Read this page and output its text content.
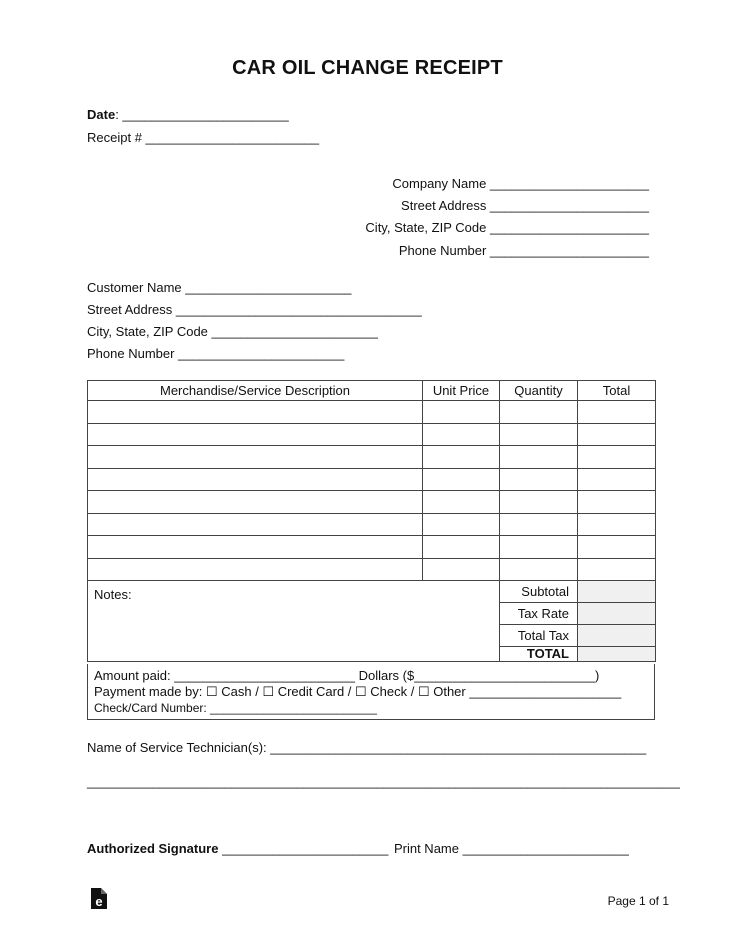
CAR OIL CHANGE RECEIPT
Date: _______________________
Receipt # ________________________
Company Name ______________________
Street Address ______________________
City, State, ZIP Code ______________________
Phone Number ______________________
Customer Name _______________________
Street Address __________________________________
City, State, ZIP Code _______________________
Phone Number _______________________
Merchandise/Service Description	Unit Price	Quantity	Total

Notes:		Subtotal	
		Tax Rate	
		Total Tax	
		TOTAL	
Amount paid: _________________________ Dollars ($_________________________)
Payment made by: ☐ Cash / ☐ Credit Card / ☐ Check / ☐ Other _____________________
Check/Card Number: _________________________
Name of Service Technician(s): ____________________________________________________
__________________________________________________________________________________
Authorized Signature _______________________ Print Name _______________________
e	Page 1 of 1
